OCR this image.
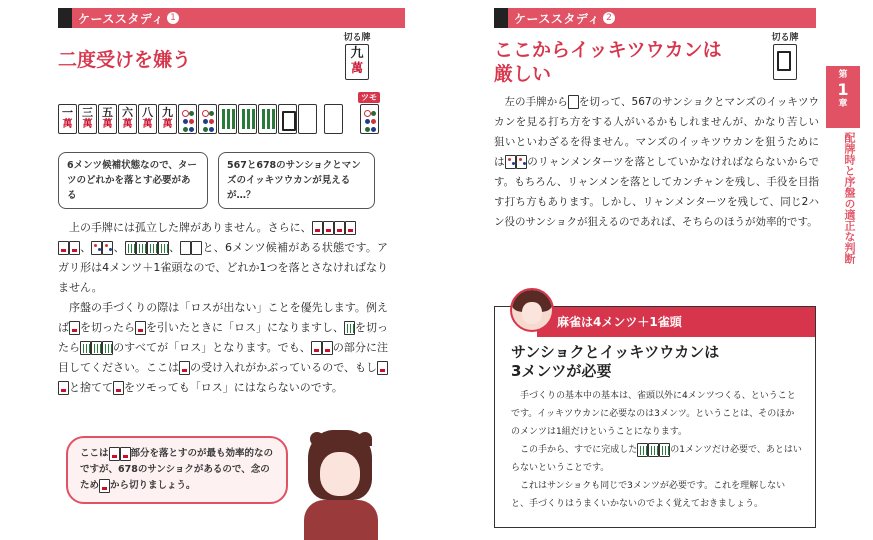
ケーススタディ 1
二度受けを嫌う
切る牌
九
萬
一
萬
三
萬
五
萬
六
萬
八
萬
九
萬
ツモ
6メンツ候補状態なので、ターツのどれかを落とす必要がある
567と678のサンショクとマンズのイッキツウカンが見えるが…？

上の手牌には孤立した牌がありません。さらに、
、 、	、 と、6メンツ候補がある状態です。アガリ形は4メンツ＋1雀頭なので、どれか1つを落とさなければなりません。

序盤の手づくりの際は「ロスが出ない」ことを優先します。例えば を切ったら を引いたときに「ロス」になりますし、 を切ったら	のすべてが「ロス」となります。でも、 の部分に注目してください。ここは の受け入れがかぶっているので、もしと捨てて をツモっても「ロス」にはならないのです。

ここは 部分を落とすのが最も効率的なのですが、678のサンショクがあるので、念のため から切りましょう。
ケーススタディ 2
ここからイッキツウカンは
厳しい
切る牌

左の手牌から を切って、567のサンショクとマンズのイッキツウカンを見る打ち方をする人がいるかもしれませんが、かなり苦しい狙いといわざるを得ません。マンズのイッキツウカンを狙うためには のリャンメンターツを落としていかなければならないからです。もちろん、リャンメンを落としてカンチャンを残し、手役を目指す打ち方もあります。しかし、リャンメンターツを残して、同じ2ハン役のサンショクが狙えるのであれば、そちらのほうが効率的です。

第
1
章
配牌時と序盤の適正な判断
麻雀は4メンツ＋1雀頭
サンショクとイッキツウカンは
3メンツが必要

手づくりの基本中の基本は、雀頭以外に4メンツつくる、ということです。イッキツウカンに必要なのは3メンツ。ということは、そのほかのメンツは1組だけということになります。

この手から、すでに完成した	の1メンツだけ必要で、あとはいらないということです。

これはサンショクも同じで3メンツが必要です。これを理解しないと、手づくりはうまくいかないのでよく覚えておきましょう。
